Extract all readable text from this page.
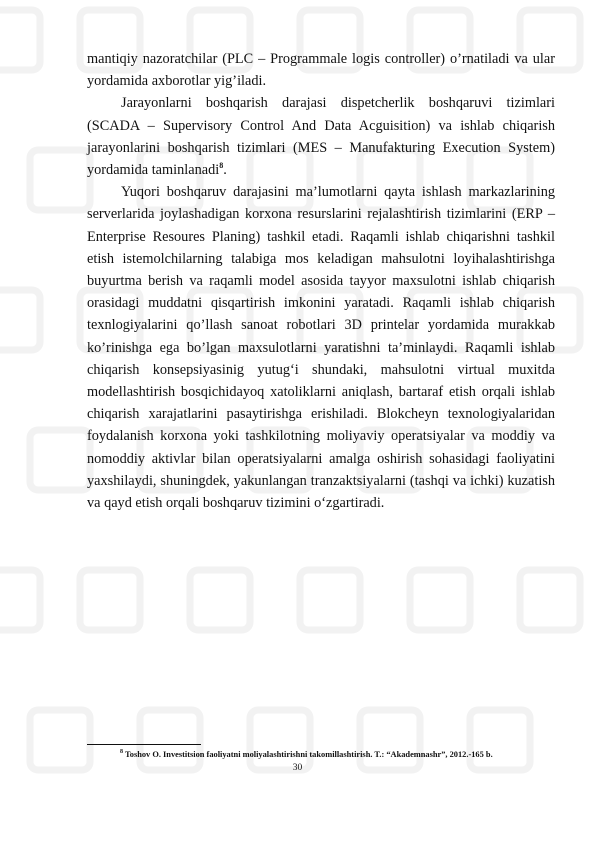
mantiqiy nazoratchilar (PLC – Programmale logis controller) o’rnatiladi va ular yordamida axborotlar yig’iladi.

Jarayonlarni boshqarish darajasi dispetcherlik boshqaruvi tizimlari (SCADA – Supervisory Control And Data Acguisition) va ishlab chiqarish jarayonlarini boshqarish tizimlari (MES – Manufakturing Execution System) yordamida taminlanadi$^8$.

Yuqori boshqaruv darajasini ma’lumotlarni qayta ishlash markazlarining serverlarida joylashadigan korxona resurslarini rejalashtirish tizimlarini (ERP – Enterprise Resoures Planing) tashkil etadi. Raqamli ishlab chiqarishni tashkil etish istemolchilarning talabiga mos keladigan mahsulotni loyihalashtirishga buyurtma berish va raqamli model asosida tayyor maxsulotni ishlab chiqarish orasidagi muddatni qisqartirish imkonini yaratadi. Raqamli ishlab chiqarish texnlogiyalarini qo’llash sanoat robotlari 3D printelar yordamida murakkab ko’rinishga ega bo’lgan maxsulotlarni yaratishni ta’minlaydi. Raqamli ishlab chiqarish konsepsiyasinig yutug‘i shundaki, mahsulotni virtual muxitda modellashtirish bosqichidayoq xatoliklarni aniqlash, bartaraf etish orqali ishlab chiqarish xarajatlarini pasaytirishga erishiladi. Blokcheyn texnologiyalaridan foydalanish korxona yoki tashkilotning moliyaviy operatsiyalar va moddiy va nomoddiy aktivlar bilan operatsiyalarni amalga oshirish sohasidagi faoliyatini yaxshilaydi, shuningdek, yakunlangan tranzaktsiyalarni (tashqi va ichki) kuzatish va qayd etish orqali boshqaruv tizimini o‘zgartiradi.

$^8$ Toshov O. Investitsion faoliyatni moliyalashtirishni takomillashtirish. T.: “Akademnashr”, 2012.-165 b.
30
